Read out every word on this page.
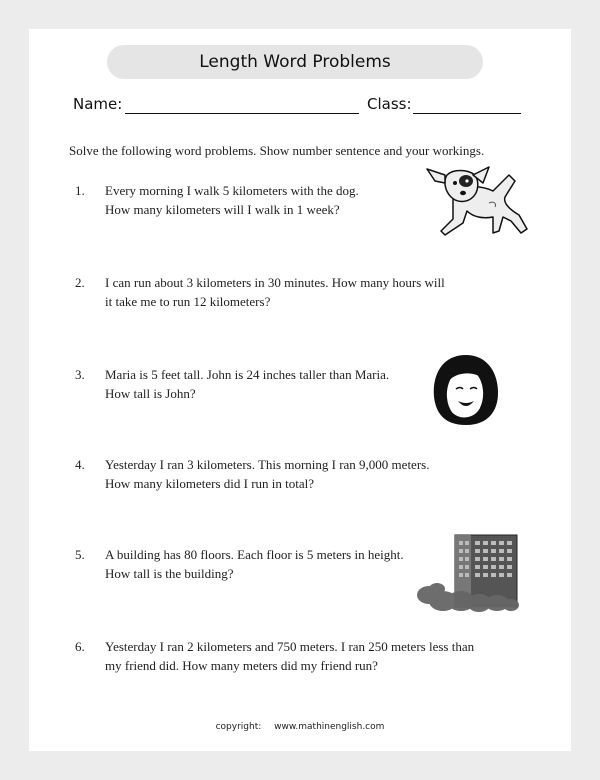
Length Word Problems
Name:	Class:
Solve the following word problems. Show number sentence and your workings.
1. Every morning I walk 5 kilometers with the dog.
How many kilometers will I walk in 1 week?
2. I can run about 3 kilometers in 30 minutes. How many hours will
it take me to run 12 kilometers?
3. Maria is 5 feet tall. John is 24 inches taller than Maria.
How tall is John?
4. Yesterday I ran 3 kilometers. This morning I ran 9,000 meters.
How many kilometers did I run in total?
5. A building has 80 floors. Each floor is 5 meters in height.
How tall is the building?
6. Yesterday I ran 2 kilometers and 750 meters. I ran 250 meters less than
my friend did. How many meters did my friend run?
copyright: www.mathinenglish.com
